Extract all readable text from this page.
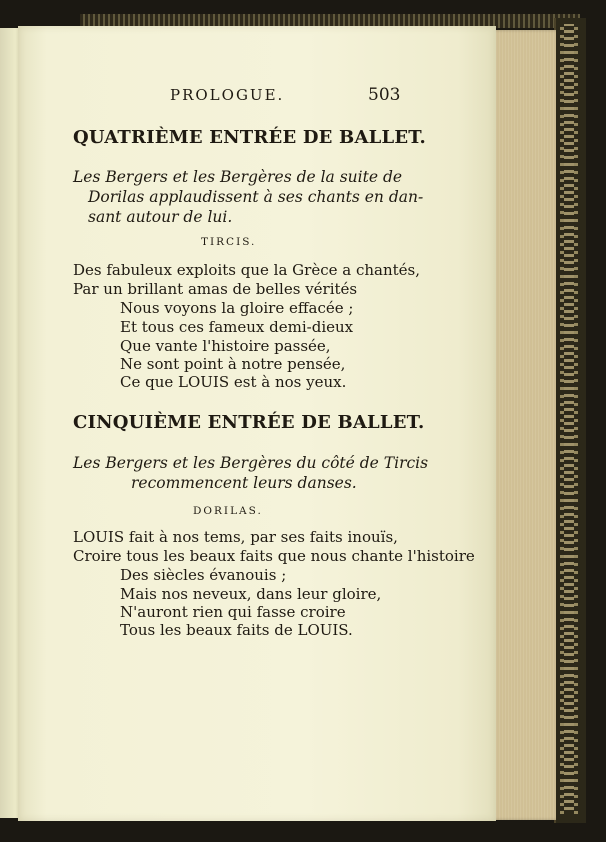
PROLOGUE.	503
QUATRIÈME ENTRÉE DE BALLET.
Les Bergers et les Bergères de la suite de
Dorilas applaudissent à ses chants en dan-
sant autour de lui.
TIRCIS.
Des fabuleux exploits que la Grèce a chantés,
Par un brillant amas de belles vérités
Nous voyons la gloire effacée ;
Et tous ces fameux demi-dieux
Que vante l'histoire passée,
Ne sont point à notre pensée,
Ce que LOUIS est à nos yeux.
CINQUIÈME ENTRÉE DE BALLET.
Les Bergers et les Bergères du côté de Tircis
recommencent leurs danses.
DORILAS.
LOUIS fait à nos tems, par ses faits inouïs,
Croire tous les beaux faits que nous chante l'histoire
Des siècles évanouis ;
Mais nos neveux, dans leur gloire,
N'auront rien qui fasse croire
Tous les beaux faits de LOUIS.
